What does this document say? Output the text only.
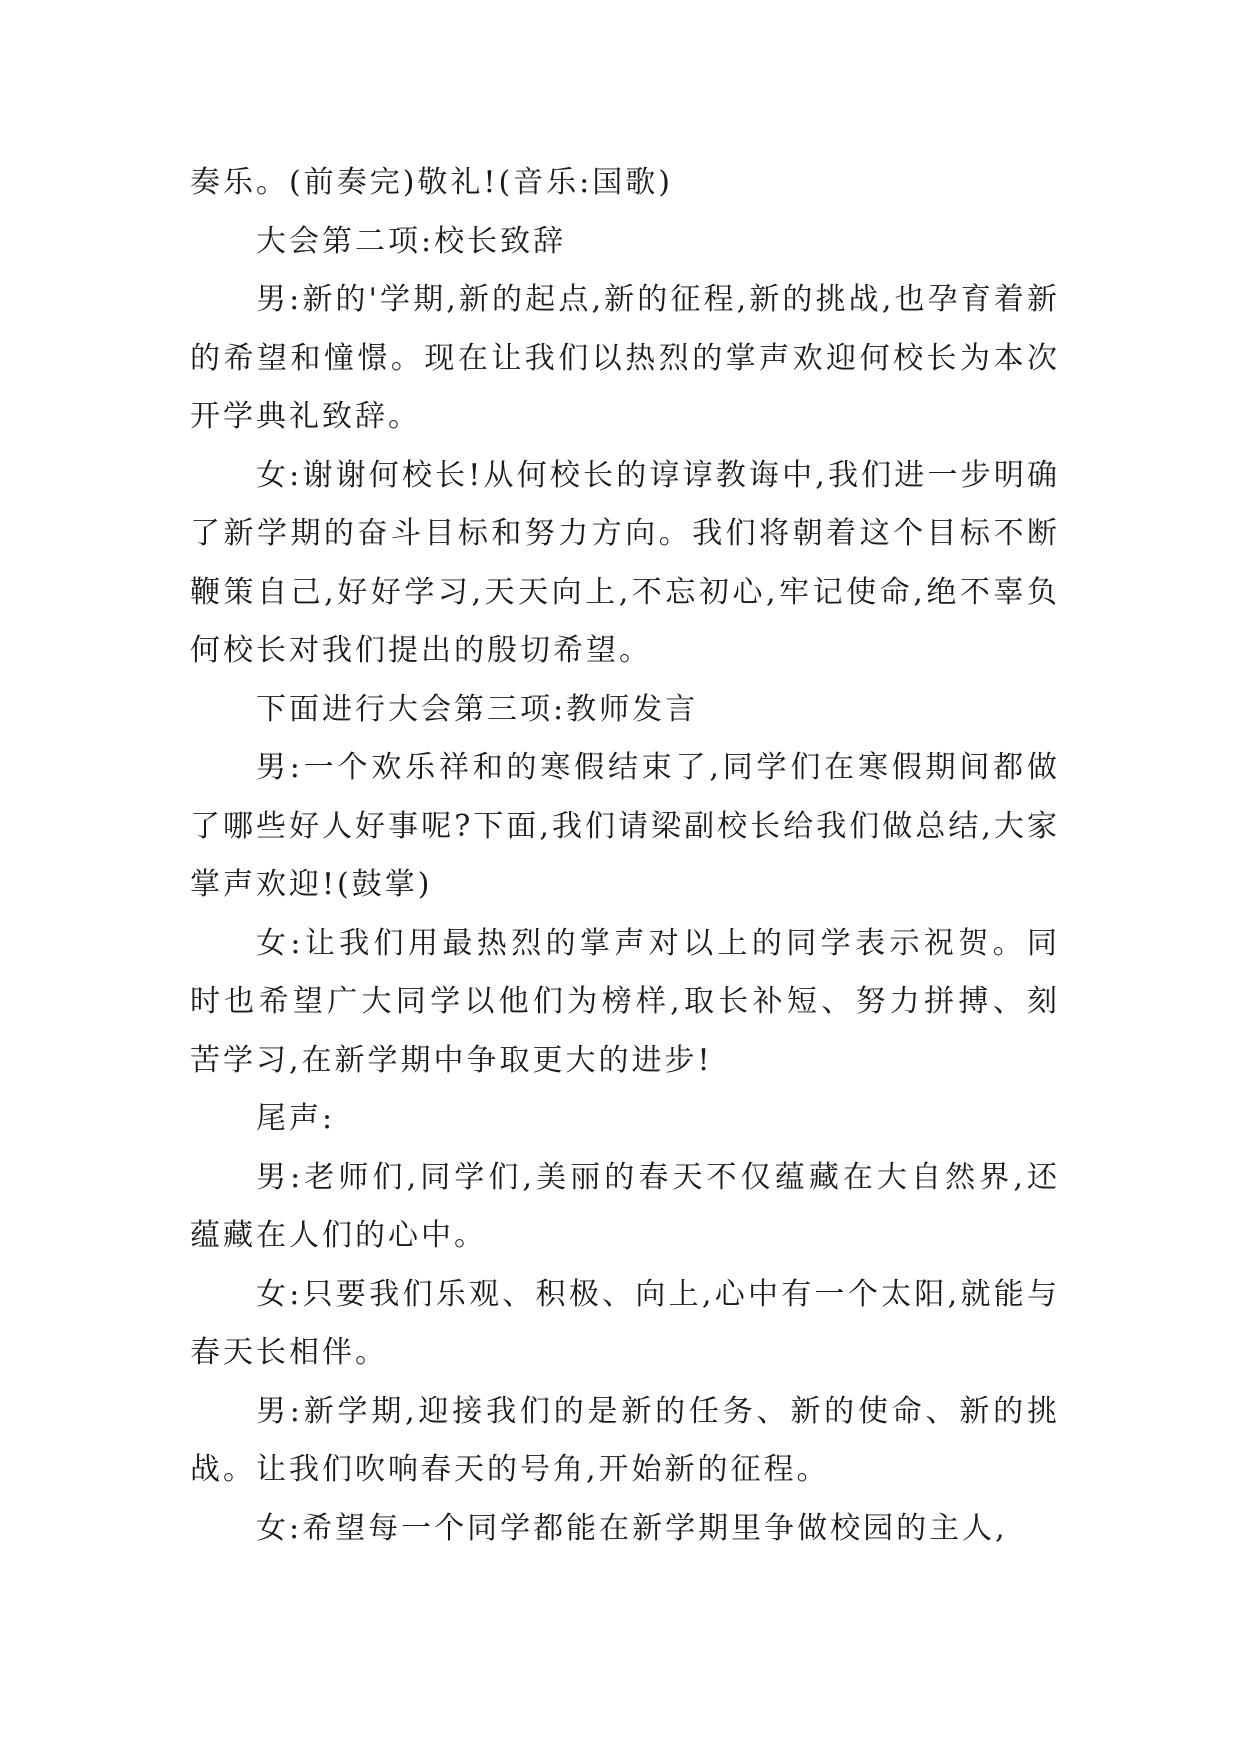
奏乐。(前奏完)敬礼!(音乐:国歌)

大会第二项:校长致辞

男:新的'学期,新的起点,新的征程,新的挑战,也孕育着新的希望和憧憬。现在让我们以热烈的掌声欢迎何校长为本次开学典礼致辞。

女:谢谢何校长!从何校长的谆谆教诲中,我们进一步明确了新学期的奋斗目标和努力方向。我们将朝着这个目标不断鞭策自己,好好学习,天天向上,不忘初心,牢记使命,绝不辜负何校长对我们提出的殷切希望。

下面进行大会第三项:教师发言

男:一个欢乐祥和的寒假结束了,同学们在寒假期间都做了哪些好人好事呢?下面,我们请梁副校长给我们做总结,大家掌声欢迎!(鼓掌)

女:让我们用最热烈的掌声对以上的同学表示祝贺。同时也希望广大同学以他们为榜样,取长补短、努力拼搏、刻苦学习,在新学期中争取更大的进步!

尾声:

男:老师们,同学们,美丽的春天不仅蕴藏在大自然界,还蕴藏在人们的心中。

女:只要我们乐观、积极、向上,心中有一个太阳,就能与春天长相伴。

男:新学期,迎接我们的是新的任务、新的使命、新的挑战。让我们吹响春天的号角,开始新的征程。

女:希望每一个同学都能在新学期里争做校园的主人,
